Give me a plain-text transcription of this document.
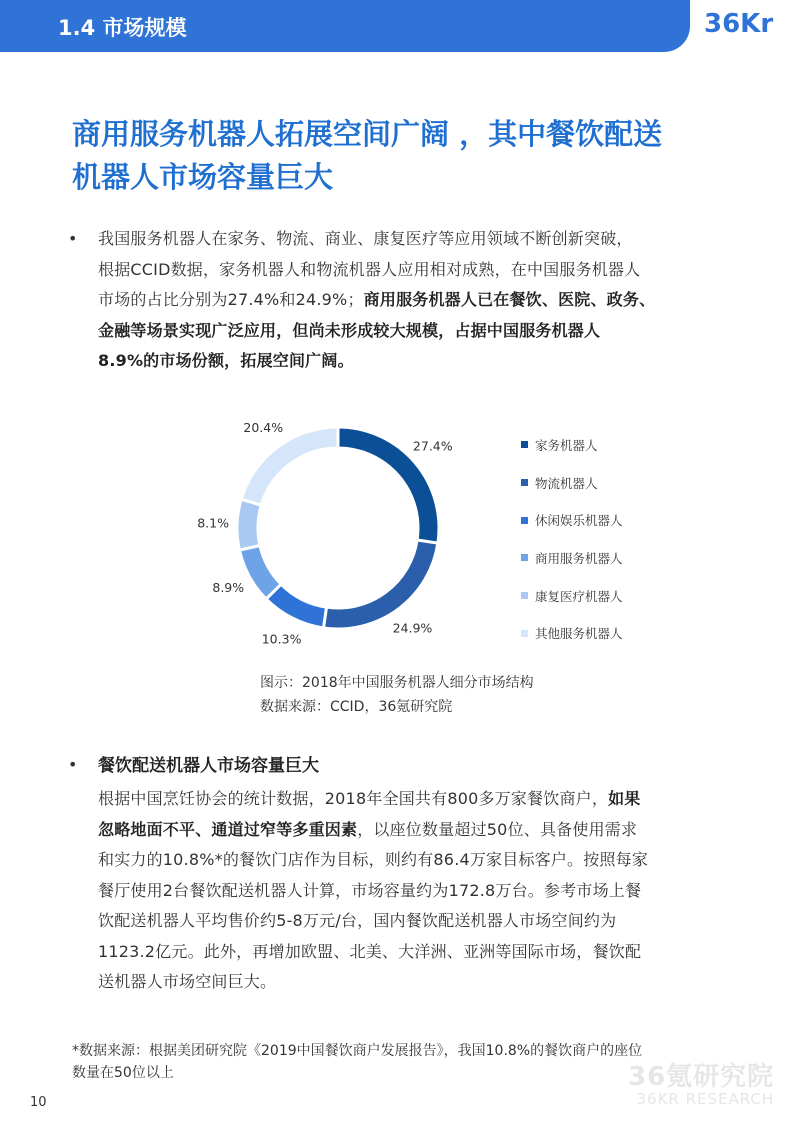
1.4 市场规模	36Kr
商用服务机器人拓展空间广阔 ，其中餐饮配送
机器人市场容量巨大
• 我国服务机器人在家务、物流、商业、康复医疗等应用领域不断创新突破，
根据CCID数据，家务机器人和物流机器人应用相对成熟，在中国服务机器人
市场的占比分别为27.4%和24.9%；商用服务机器人已在餐饮、医院、政务、
金融等场景实现广泛应用，但尚未形成较大规模，占据中国服务机器人
8.9%的市场份额，拓展空间广阔。
27.4%
24.9%
10.3%
8.9%
8.1%
20.4%
家务机器人
物流机器人
休闲娱乐机器人
商用服务机器人
康复医疗机器人
其他服务机器人
图示：2018年中国服务机器人细分市场结构
数据来源：CCID，36氪研究院
• 餐饮配送机器人市场容量巨大
根据中国烹饪协会的统计数据，2018年全国共有800多万家餐饮商户，如果
忽略地面不平、通道过窄等多重因素，以座位数量超过50位、具备使用需求
和实力的10.8%*的餐饮门店作为目标，则约有86.4万家目标客户。按照每家
餐厅使用2台餐饮配送机器人计算，市场容量约为172.8万台。参考市场上餐
饮配送机器人平均售价约5-8万元/台，国内餐饮配送机器人市场空间约为
1123.2亿元。此外，再增加欧盟、北美、大洋洲、亚洲等国际市场，餐饮配
送机器人市场空间巨大。
*数据来源：根据美团研究院《2019中国餐饮商户发展报告》，我国10.8%的餐饮商户的座位
数量在50位以上	36氪研究院
36KR RESEARCH
10
